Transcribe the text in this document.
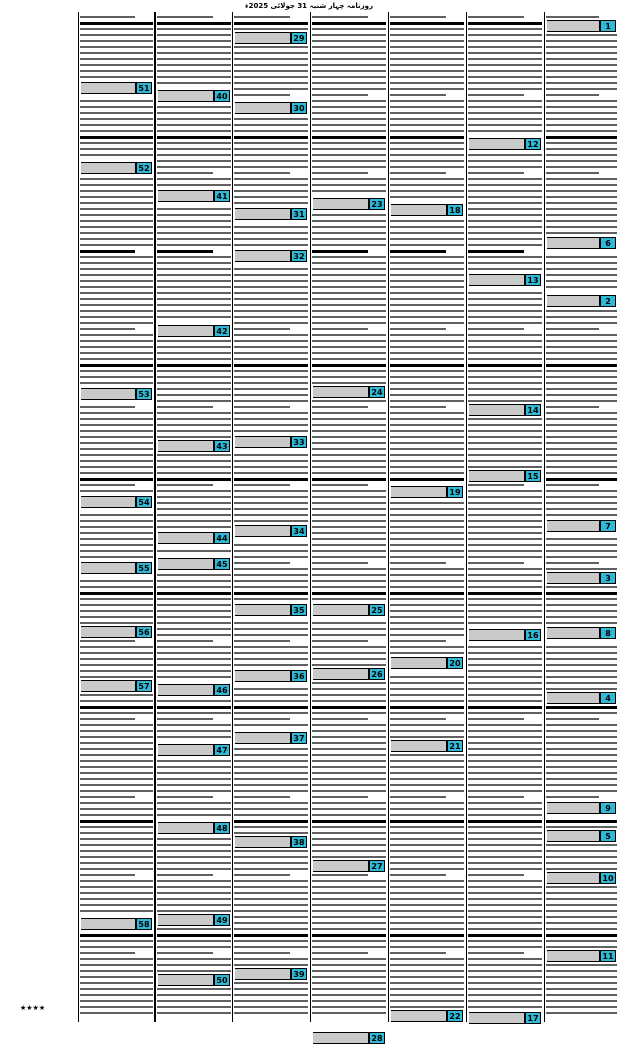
روزنامہ چہار شنبہ 31 جولائی 2025ء
1
6
2
7
3
8
4
9
5
10
11
12
13
14
15
16
17
18
19
20
21
22
23
24
25
26
27
28
29
30
31
32
33
34
35
36
37
38
39
40
41
42
43
44
45
46
47
48
49
50
51
52
53
54
55
56
57
58
★★★★
